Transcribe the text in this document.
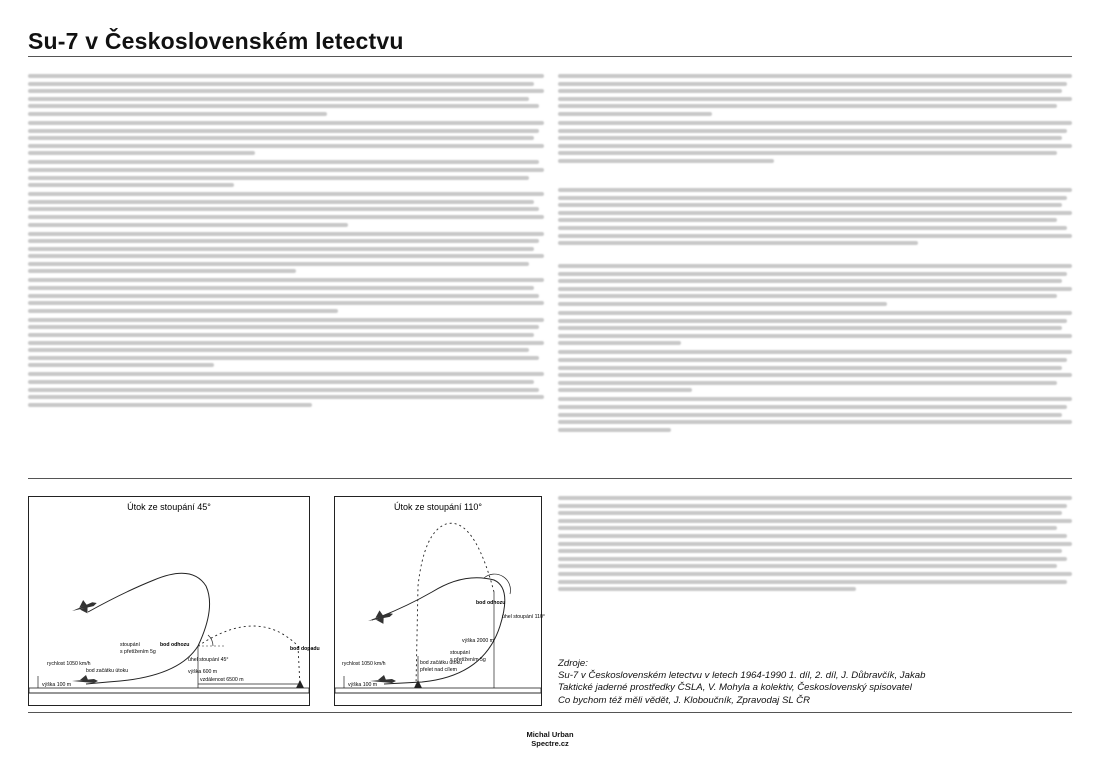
Su-7 v Československém letectvu
Útok ze stoupání 45°
rychlost 1050 km/h
bod začátku útoku
stoupání
s přetížením 5g
bod odhozu
úhel stoupání 45°
výška 600 m
vzdálenost 6500 m
bod dopadu
výška 100 m
Útok ze stoupání 110°
rychlost 1050 km/h	bod začátku útoku
přelet nad cílem
stoupání
s přetížením 5g
bod odhozu
úhel stoupání 110°
výška 2000 m
výška 100 m
Zdroje:
Su-7 v Československém letectvu v letech 1964-1990 1. díl, 2. díl, J. Důbravčík, Jakab
Taktické jaderné prostředky ČSLA, V. Mohyla a kolektiv, Československý spisovatel
Co bychom též měli vědět, J. Kloboučník, Zpravodaj SL ČR
Michal Urban
Spectre.cz
